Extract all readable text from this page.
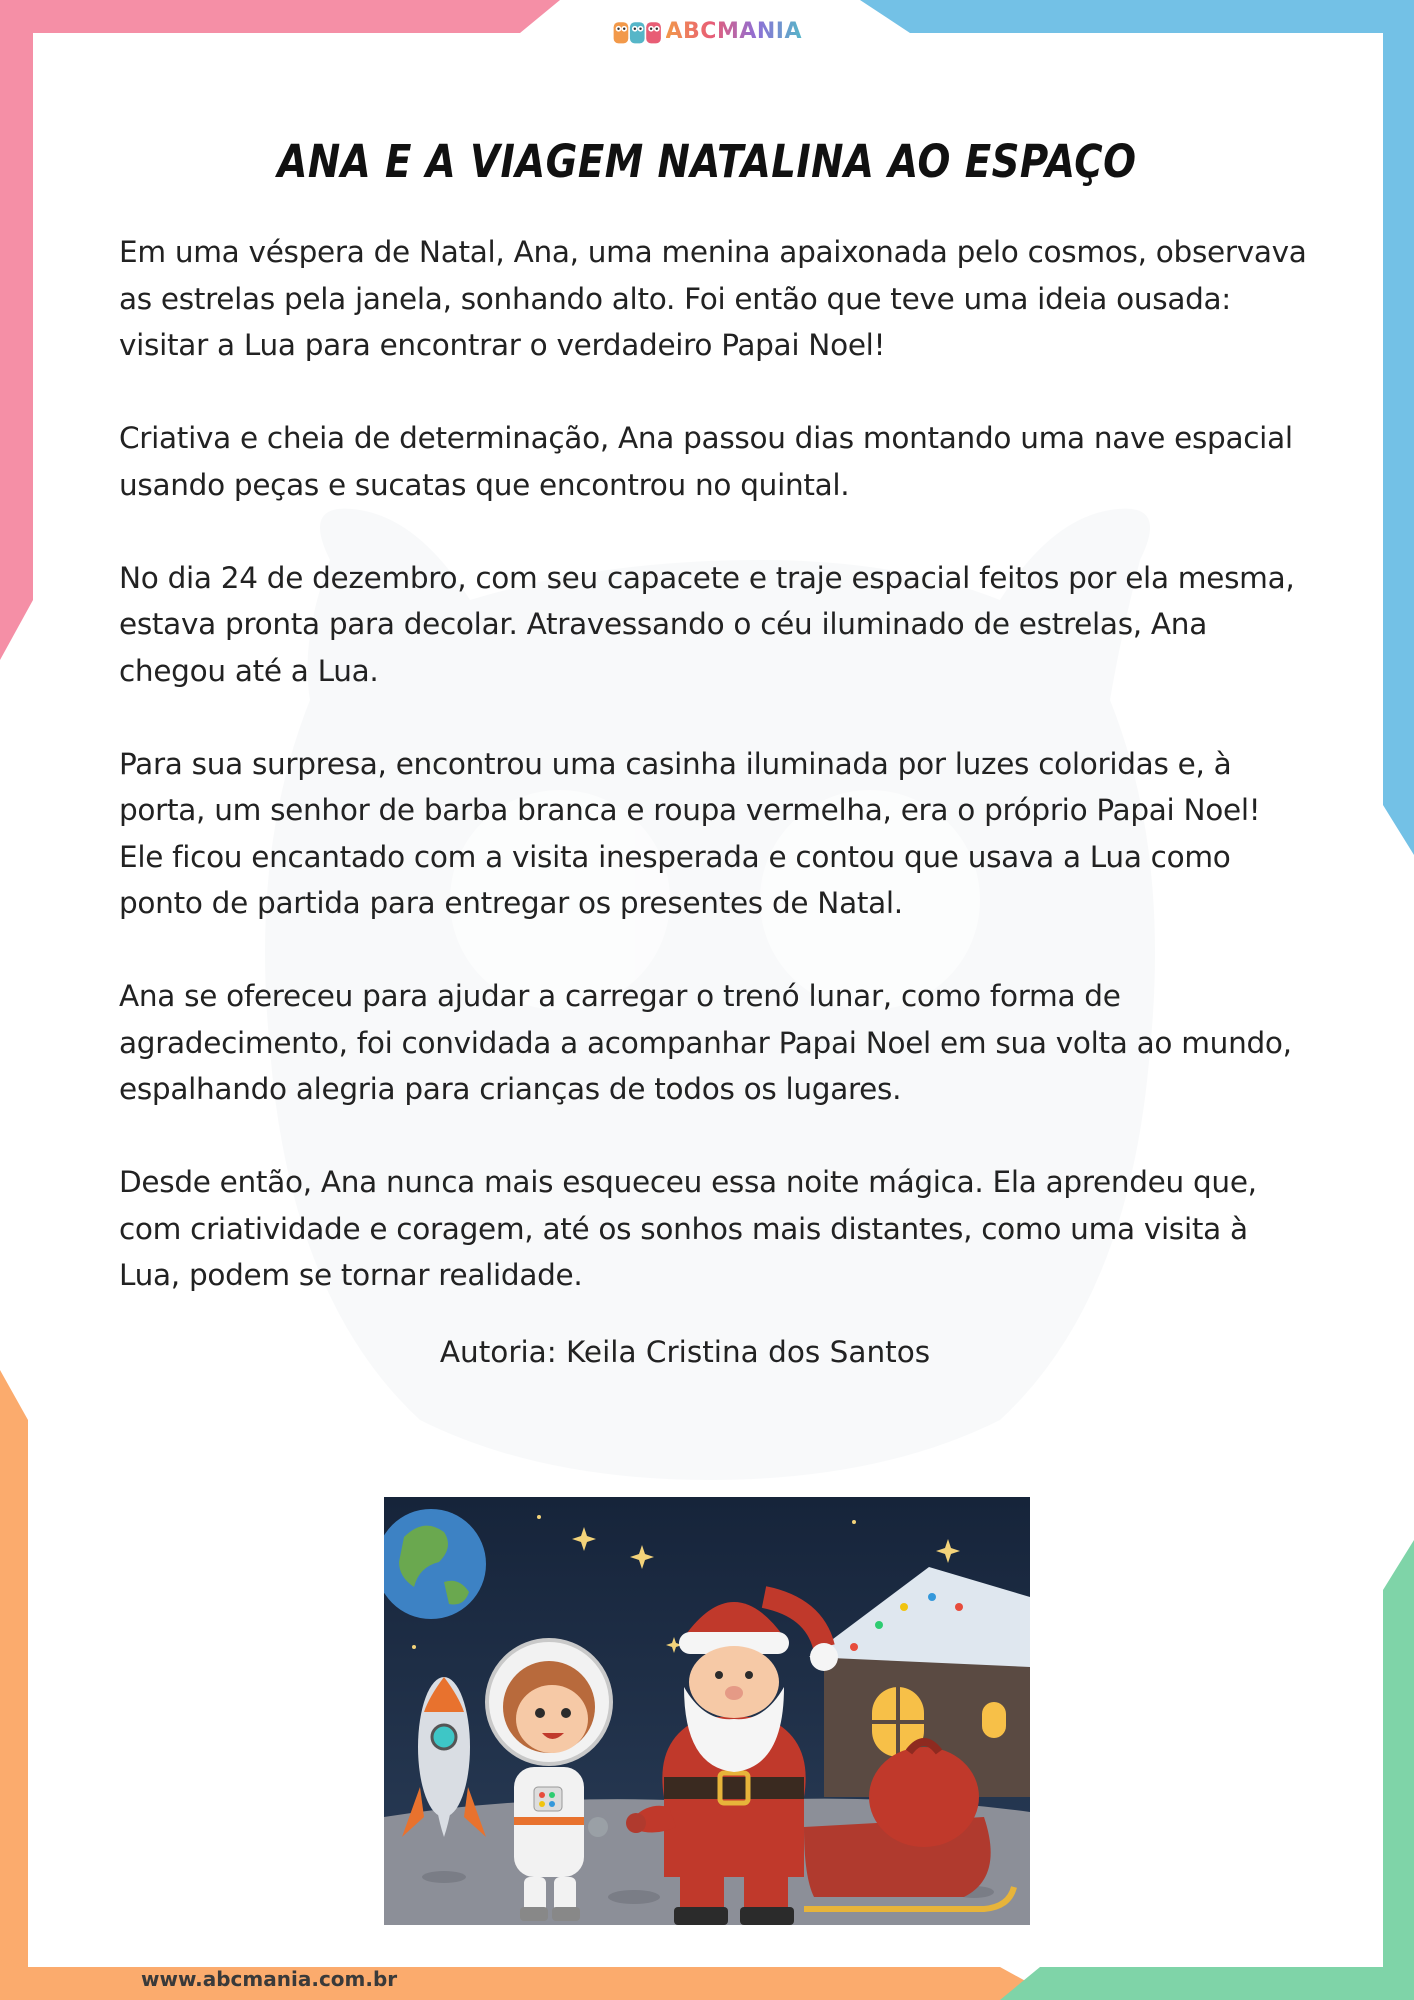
ABCMANIA
ANA E A VIAGEM NATALINA AO ESPAÇO

Em uma véspera de Natal, Ana, uma menina apaixonada pelo cosmos, observava as estrelas pela janela, sonhando alto. Foi então que teve uma ideia ousada: visitar a Lua para encontrar o verdadeiro Papai Noel!

Criativa e cheia de determinação, Ana passou dias montando uma nave espacial usando peças e sucatas que encontrou no quintal.

No dia 24 de dezembro, com seu capacete e traje espacial feitos por ela mesma, estava pronta para decolar. Atravessando o céu iluminado de estrelas, Ana chegou até a Lua.

Para sua surpresa, encontrou uma casinha iluminada por luzes coloridas e, à porta, um senhor de barba branca e roupa vermelha, era o próprio Papai Noel! Ele ficou encantado com a visita inesperada e contou que usava a Lua como ponto de partida para entregar os presentes de Natal.

Ana se ofereceu para ajudar a carregar o trenó lunar, como forma de agradecimento, foi convidada a acompanhar Papai Noel em sua volta ao mundo, espalhando alegria para crianças de todos os lugares.

Desde então, Ana nunca mais esqueceu essa noite mágica. Ela aprendeu que, com criatividade e coragem, até os sonhos mais distantes, como uma visita à Lua, podem se tornar realidade.

Autoria: Keila Cristina dos Santos
www.abcmania.com.br
